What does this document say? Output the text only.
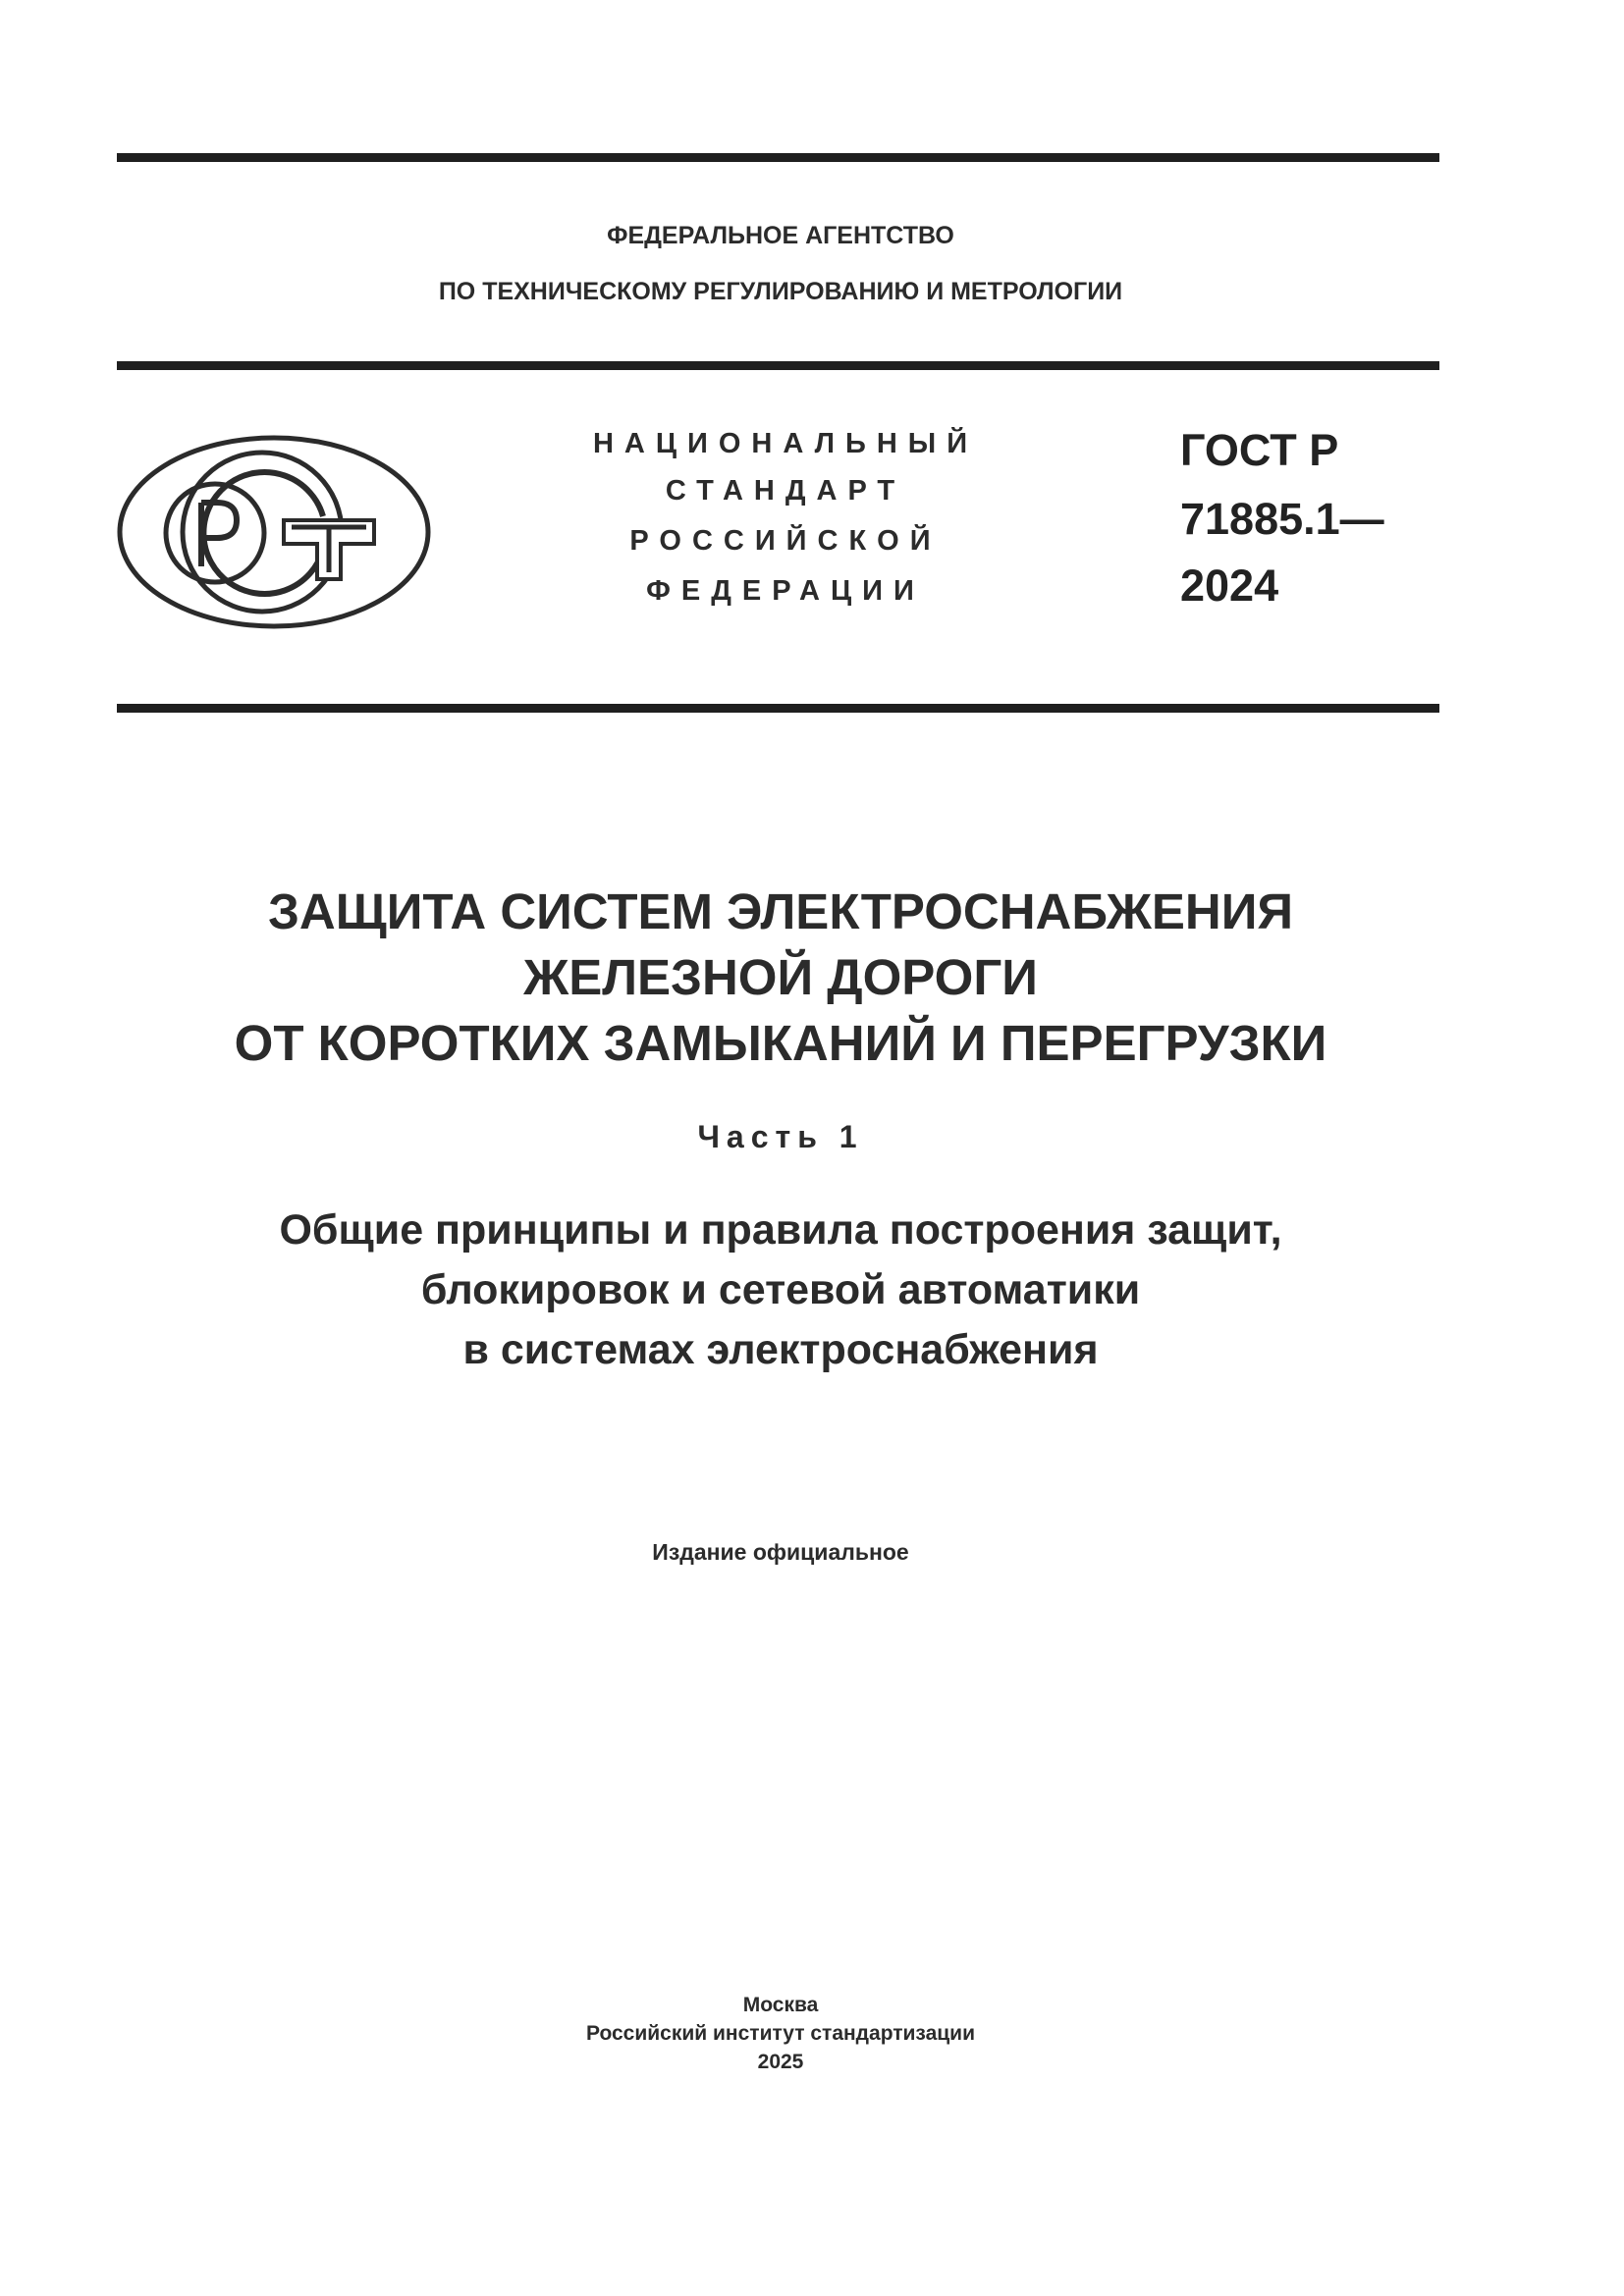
ФЕДЕРАЛЬНОЕ АГЕНТСТВО
ПО ТЕХНИЧЕСКОМУ РЕГУЛИРОВАНИЮ И МЕТРОЛОГИИ
НАЦИОНАЛЬНЫЙ
СТАНДАРТ
РОССИЙСКОЙ
ФЕДЕРАЦИИ
ГОСТ Р
71885.1—
2024
ЗАЩИТА СИСТЕМ ЭЛЕКТРОСНАБЖЕНИЯ
ЖЕЛЕЗНОЙ ДОРОГИ
ОТ КОРОТКИХ ЗАМЫКАНИЙ И ПЕРЕГРУЗКИ
Часть 1
Общие принципы и правила построения защит,
блокировок и сетевой автоматики
в системах электроснабжения
Издание официальное
Москва
Российский институт стандартизации
2025
